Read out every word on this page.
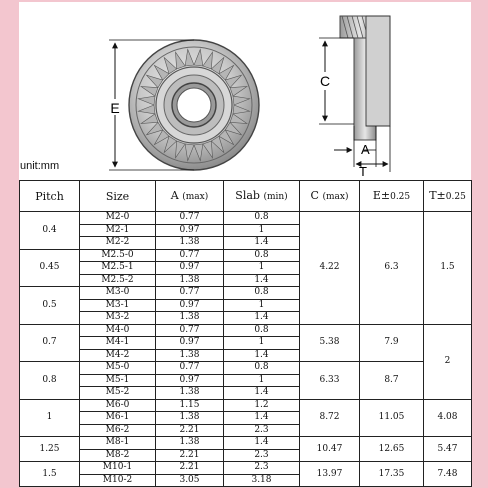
E
C
A
T
unit:mm
Pitch	Size	A (max)	Slab (min)	C (max)	E±0.25	T±0.25
0.4	M2-0	0.77	0.8	4.22	6.3	1.5
	M2-1	0.97	1			
	M2-2	1.38	1.4			
0.45	M2.5-0	0.77	0.8			
	M2.5-1	0.97	1			
	M2.5-2	1.38	1.4			
0.5	M3-0	0.77	0.8			
	M3-1	0.97	1			
	M3-2	1.38	1.4			
0.7	M4-0	0.77	0.8	5.38	7.9	2
	M4-1	0.97	1			
	M4-2	1.38	1.4			
0.8	M5-0	0.77	0.8	6.33	8.7	
	M5-1	0.97	1			
	M5-2	1.38	1.4			
1	M6-0	1.15	1.2	8.72	11.05	4.08
	M6-1	1.38	1.4			
	M6-2	2.21	2.3			
1.25	M8-1	1.38	1.4	10.47	12.65	5.47
	M8-2	2.21	2.3			
1.5	M10-1	2.21	2.3	13.97	17.35	7.48
	M10-2	3.05	3.18			
